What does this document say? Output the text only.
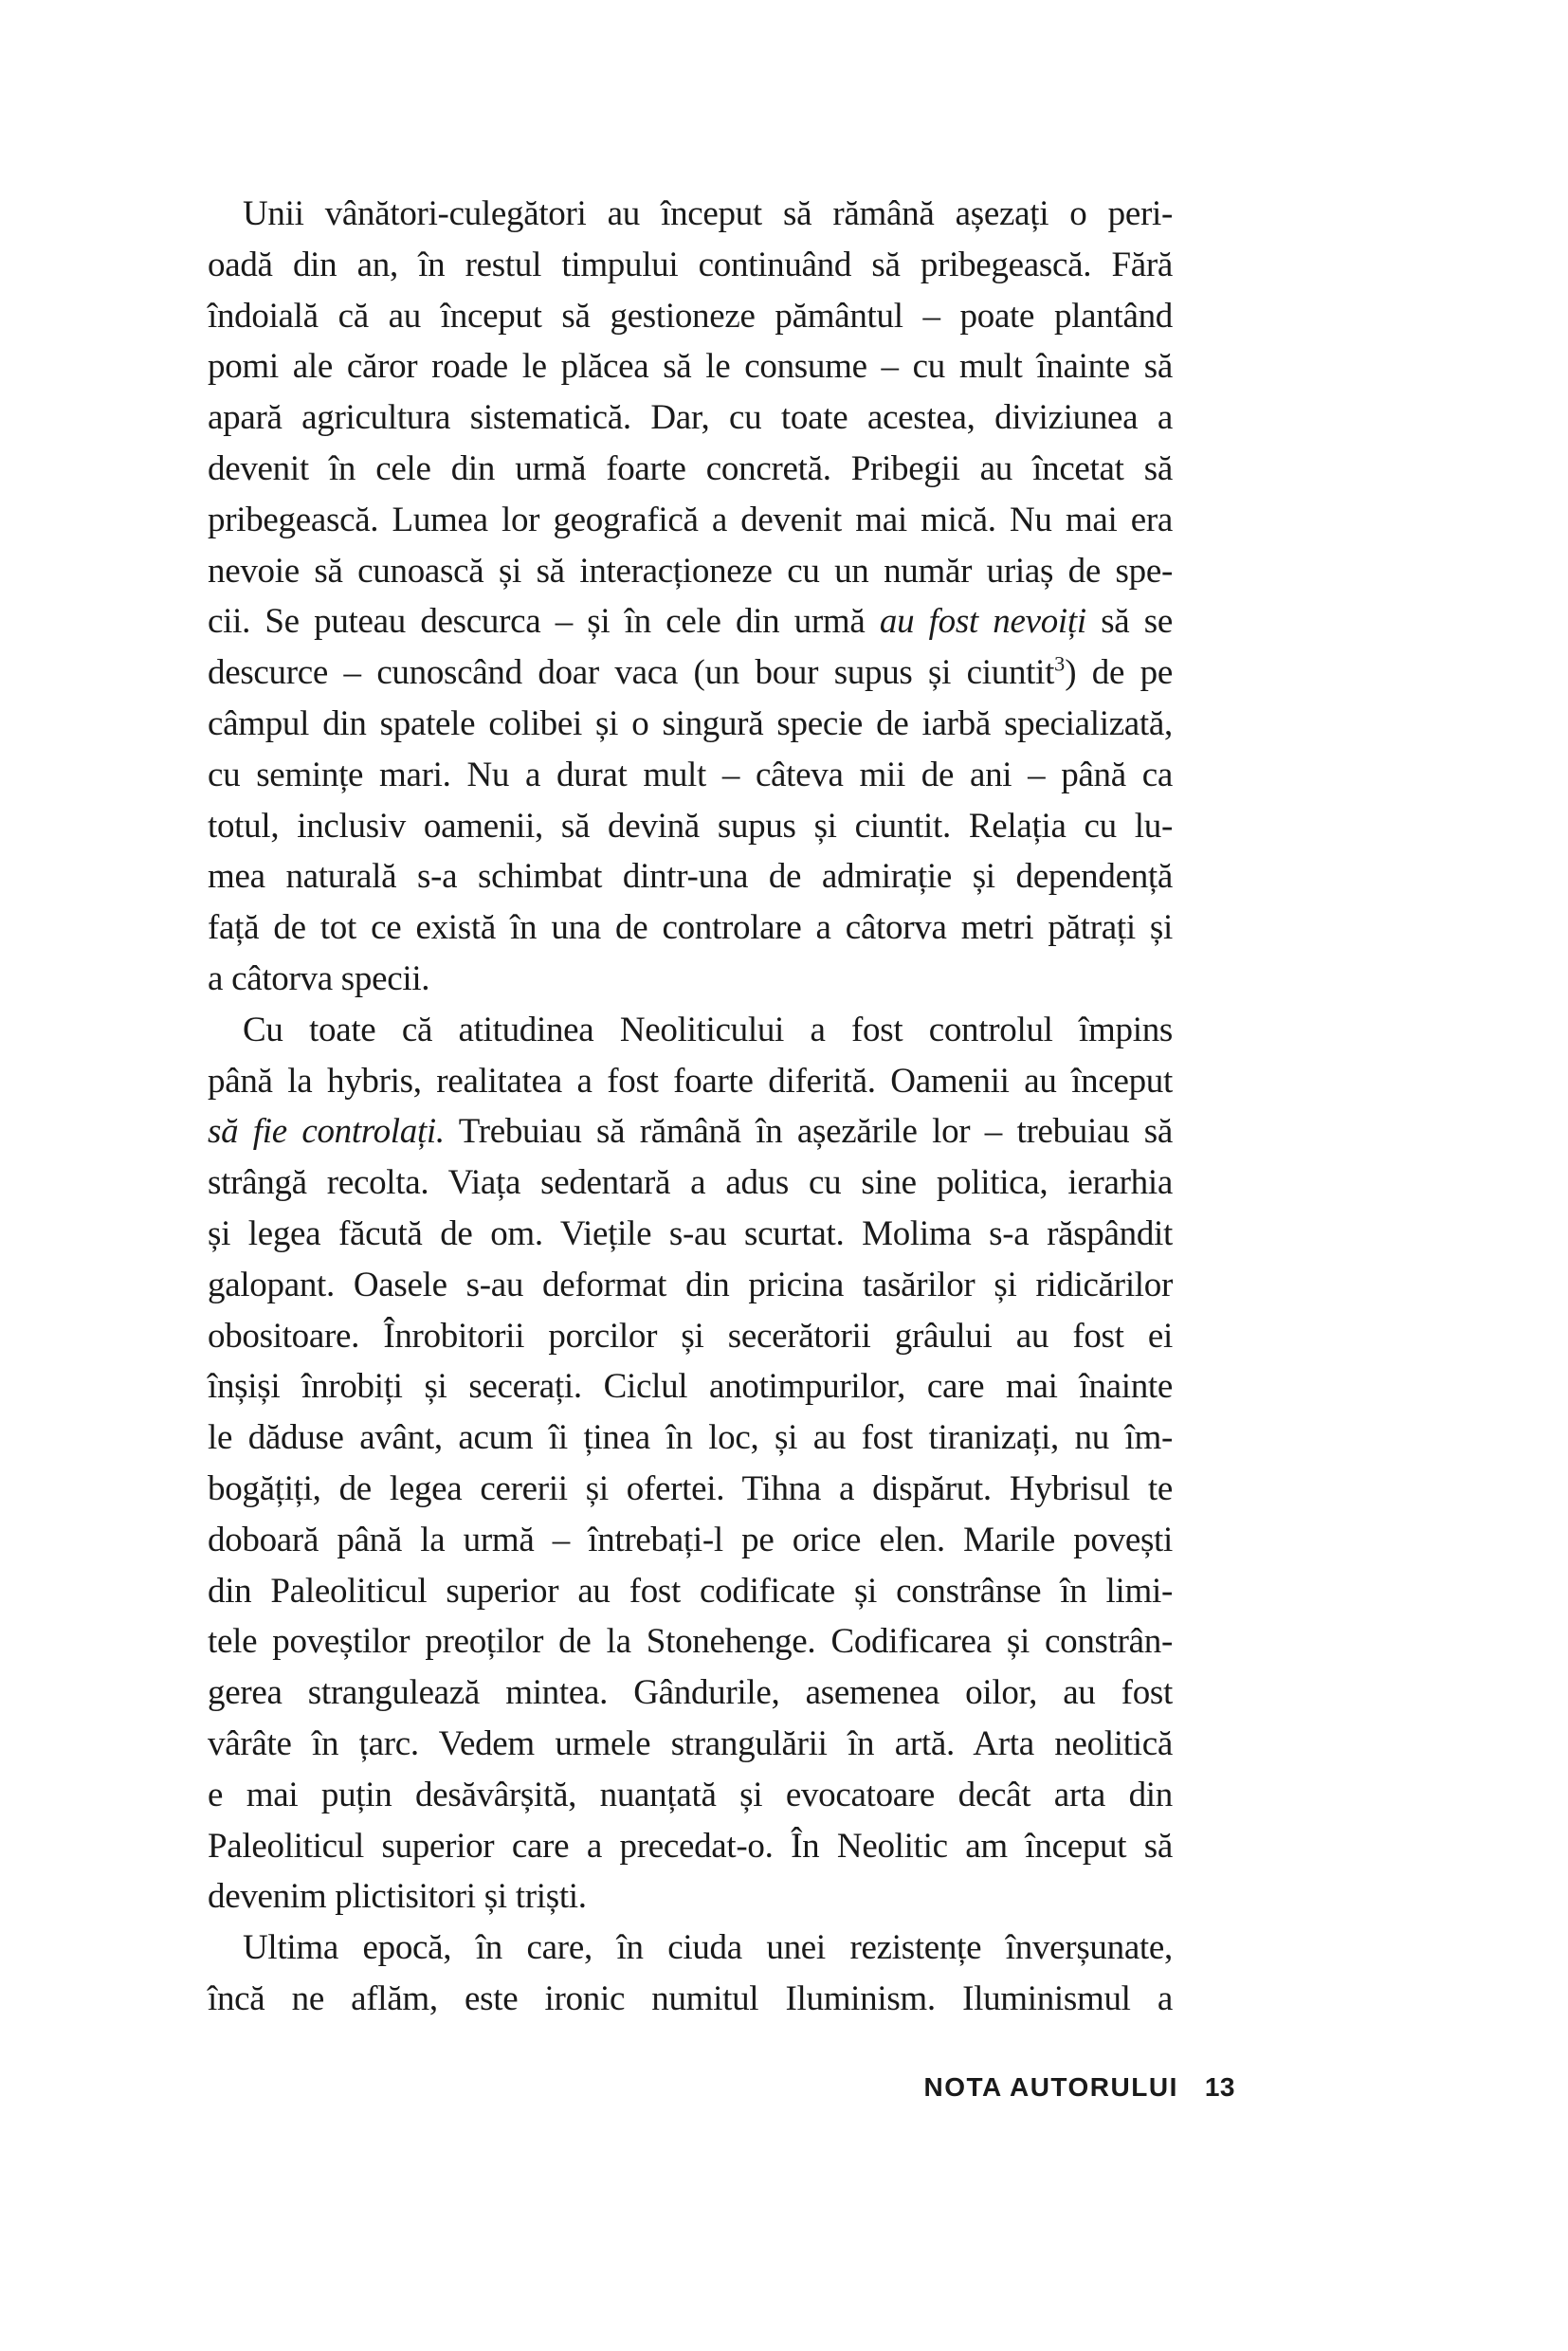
Unii vânători-culegători au început să rămână așezați o peri-
oadă din an, în restul timpului continuând să pribegească. Fără
îndoială că au început să gestioneze pământul – poate plantând
pomi ale căror roade le plăcea să le consume – cu mult înainte să
apară agricultura sistematică. Dar, cu toate acestea, diviziunea a
devenit în cele din urmă foarte concretă. Pribegii au încetat să
pribegească. Lumea lor geografică a devenit mai mică. Nu mai era
nevoie să cunoască și să interacționeze cu un număr uriaș de spe-
cii. Se puteau descurca – și în cele din urmă au fost nevoiți să se
descurce – cunoscând doar vaca (un bour supus și ciuntit$^3$) de pe
câmpul din spatele colibei și o singură specie de iarbă specializată,
cu semințe mari. Nu a durat mult – câteva mii de ani – până ca
totul, inclusiv oamenii, să devină supus și ciuntit. Relația cu lu-
mea naturală s-a schimbat dintr-una de admirație și dependență
față de tot ce există în una de controlare a câtorva metri pătrați și
a câtorva specii.
Cu toate că atitudinea Neoliticului a fost controlul împins
până la hybris, realitatea a fost foarte diferită. Oamenii au început
să fie controlați. Trebuiau să rămână în așezările lor – trebuiau să
strângă recolta. Viața sedentară a adus cu sine politica, ierarhia
și legea făcută de om. Viețile s-au scurtat. Molima s-a răspândit
galopant. Oasele s-au deformat din pricina tasărilor și ridicărilor
obositoare. Înrobitorii porcilor și secerătorii grâului au fost ei
înșiși înrobiți și secerați. Ciclul anotimpurilor, care mai înainte
le dăduse avânt, acum îi ținea în loc, și au fost tiranizați, nu îm-
bogățiți, de legea cererii și ofertei. Tihna a dispărut. Hybrisul te
doboară până la urmă – întrebați-l pe orice elen. Marile povești
din Paleoliticul superior au fost codificate și constrânse în limi-
tele poveștilor preoților de la Stonehenge. Codificarea și constrân-
gerea strangulează mintea. Gândurile, asemenea oilor, au fost
vârâte în țarc. Vedem urmele strangulării în artă. Arta neolitică
e mai puțin desăvârșită, nuanțată și evocatoare decât arta din
Paleoliticul superior care a precedat-o. În Neolitic am început să
devenim plictisitori și triști.
Ultima epocă, în care, în ciuda unei rezistențe înverșunate,
încă ne aflăm, este ironic numitul Iluminism. Iluminismul a
NOTA AUTORULUI 13
